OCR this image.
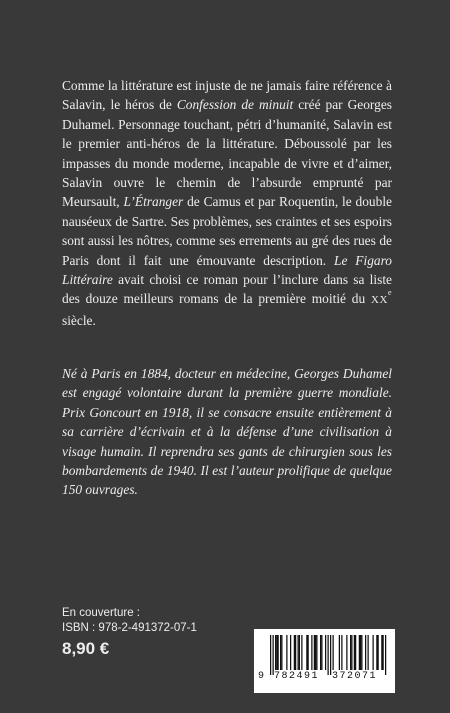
Comme la littérature est injuste de ne jamais faire référence à Salavin, le héros de Confession de minuit créé par Georges Duhamel. Personnage touchant, pétri d’humanité, Salavin est le premier anti-héros de la littérature. Déboussolé par les impasses du monde moderne, incapable de vivre et d’aimer, Salavin ouvre le chemin de l’absurde emprunté par Meursault, L’Étranger de Camus et par Roquentin, le double nauséeux de Sartre. Ses problèmes, ses craintes et ses espoirs sont aussi les nôtres, comme ses errements au gré des rues de Paris dont il fait une émouvante description. Le Figaro Littéraire avait choisi ce roman pour l’inclure dans sa liste des douze meilleurs romans de la première moitié du XXe siècle.

Né à Paris en 1884, docteur en médecine, Georges Duhamel est engagé volontaire durant la première guerre mondiale. Prix Goncourt en 1918, il se consacre ensuite entièrement à sa carrière d’écrivain et à la défense d’une civilisation à visage humain. Il reprendra ses gants de chirurgien sous les bombardements de 1940. Il est l’auteur prolifique de quelque 150 ouvrages.

En couverture :
ISBN : 978-2-491372-07-1
8,90 €
9 782491 372071
